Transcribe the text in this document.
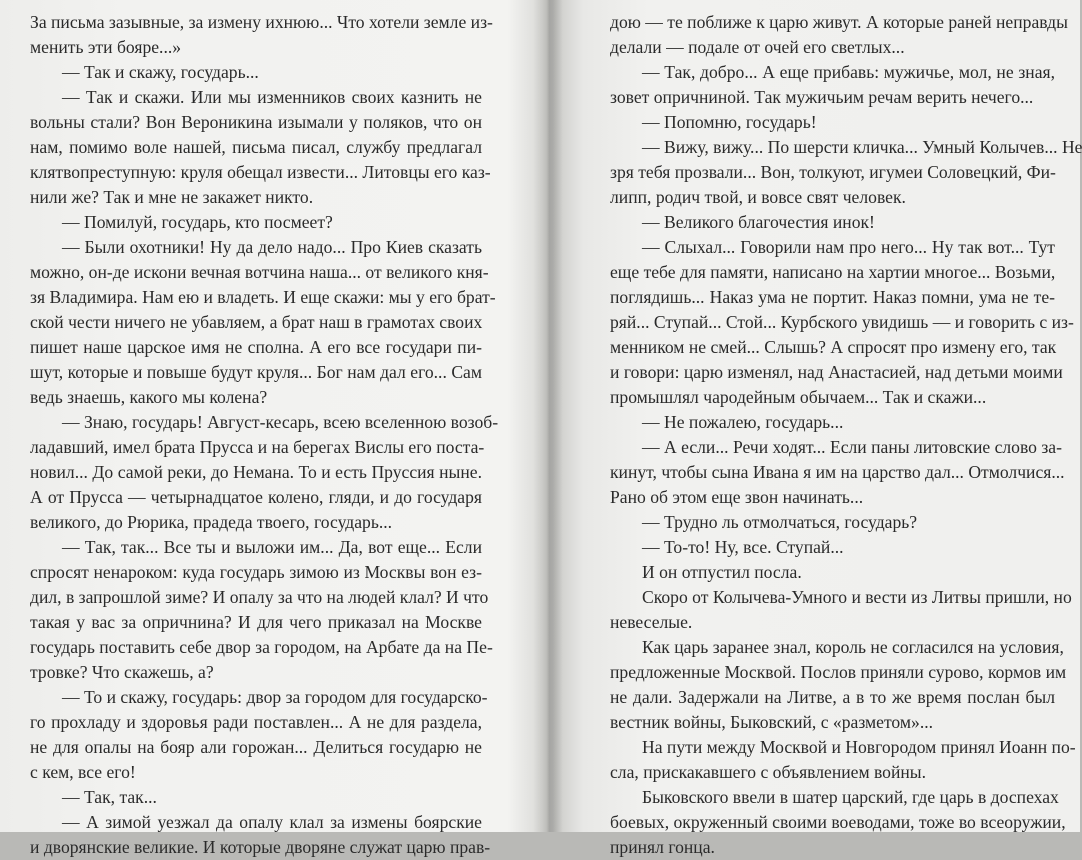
За письма зазывные, за измену ихнюю... Что хотели земле из-
менить эти бояре...»
— Так и скажу, государь...
— Так и скажи. Или мы изменников своих казнить не
вольны стали? Вон Вероникина изымали у поляков, что он
нам, помимо воле нашей, письма писал, службу предлагал
клятвопреступную: круля обещал извести... Литовцы его каз-
нили же? Так и мне не закажет никто.
— Помилуй, государь, кто посмеет?
— Были охотники! Ну да дело надо... Про Киев сказать
можно, он-де искони вечная вотчина наша... от великого кня-
зя Владимира. Нам ею и владеть. И еще скажи: мы у его брат-
ской чести ничего не убавляем, а брат наш в грамотах своих
пишет наше царское имя не сполна. А его все государи пи-
шут, которые и повыше будут круля... Бог нам дал его... Сам
ведь знаешь, какого мы колена?
— Знаю, государь! Август-кесарь, всею вселенною возоб-
ладавший, имел брата Прусса и на берегах Вислы его поста-
новил... До самой реки, до Немана. То и есть Пруссия ныне.
А от Прусса — четырнадцатое колено, гляди, и до государя
великого, до Рюрика, прадеда твоего, государь...
— Так, так... Все ты и выложи им... Да, вот еще... Если
спросят ненароком: куда государь зимою из Москвы вон ез-
дил, в запрошлой зиме? И опалу за что на людей клал? И что
такая у вас за опричнина? И для чего приказал на Москве
государь поставить себе двор за городом, на Арбате да на Пе-
тровке? Что скажешь, а?
— То и скажу, государь: двор за городом для государско-
го прохладу и здоровья ради поставлен... А не для раздела,
не для опалы на бояр али горожан... Делиться государю не
с кем, все его!
— Так, так...
— А зимой уезжал да опалу клал за измены боярские
и дворянские великие. И которые дворяне служат царю прав-
дою — те поближе к царю живут. А которые раней неправды
делали — подале от очей его светлых...
— Так, добро... А еще прибавь: мужичье, мол, не зная,
зовет опричниной. Так мужичьим речам верить нечего...
— Попомню, государь!
— Вижу, вижу... По шерсти кличка... Умный Колычев... Не
зря тебя прозвали... Вон, толкуют, игумеи Соловецкий, Фи-
липп, родич твой, и вовсе свят человек.
— Великого благочестия инок!
— Слыхал... Говорили нам про него... Ну так вот... Тут
еще тебе для памяти, написано на хартии многое... Возьми,
поглядишь... Наказ ума не портит. Наказ помни, ума не те-
ряй... Ступай... Стой... Курбского увидишь — и говорить с из-
менником не смей... Слышь? А спросят про измену его, так
и говори: царю изменял, над Анастасией, над детьми моими
промышлял чародейным обычаем... Так и скажи...
— Не пожалею, государь...
— А если... Речи ходят... Если паны литовские слово за-
кинут, чтобы сына Ивана я им на царство дал... Отмолчися...
Рано об этом еще звон начинать...
— Трудно ль отмолчаться, государь?
— То-то! Ну, все. Ступай...
И он отпустил посла.
Скоро от Колычева-Умного и вести из Литвы пришли, но
невеселые.
Как царь заранее знал, король не согласился на условия,
предложенные Москвой. Послов приняли сурово, кормов им
не дали. Задержали на Литве, а в то же время послан был
вестник войны, Быковский, с «разметом»...
На пути между Москвой и Новгородом принял Иоанн по-
сла, прискакавшего с объявлением войны.
Быковского ввели в шатер царский, где царь в доспехах
боевых, окруженный своими воеводами, тоже во всеоружии,
принял гонца.
